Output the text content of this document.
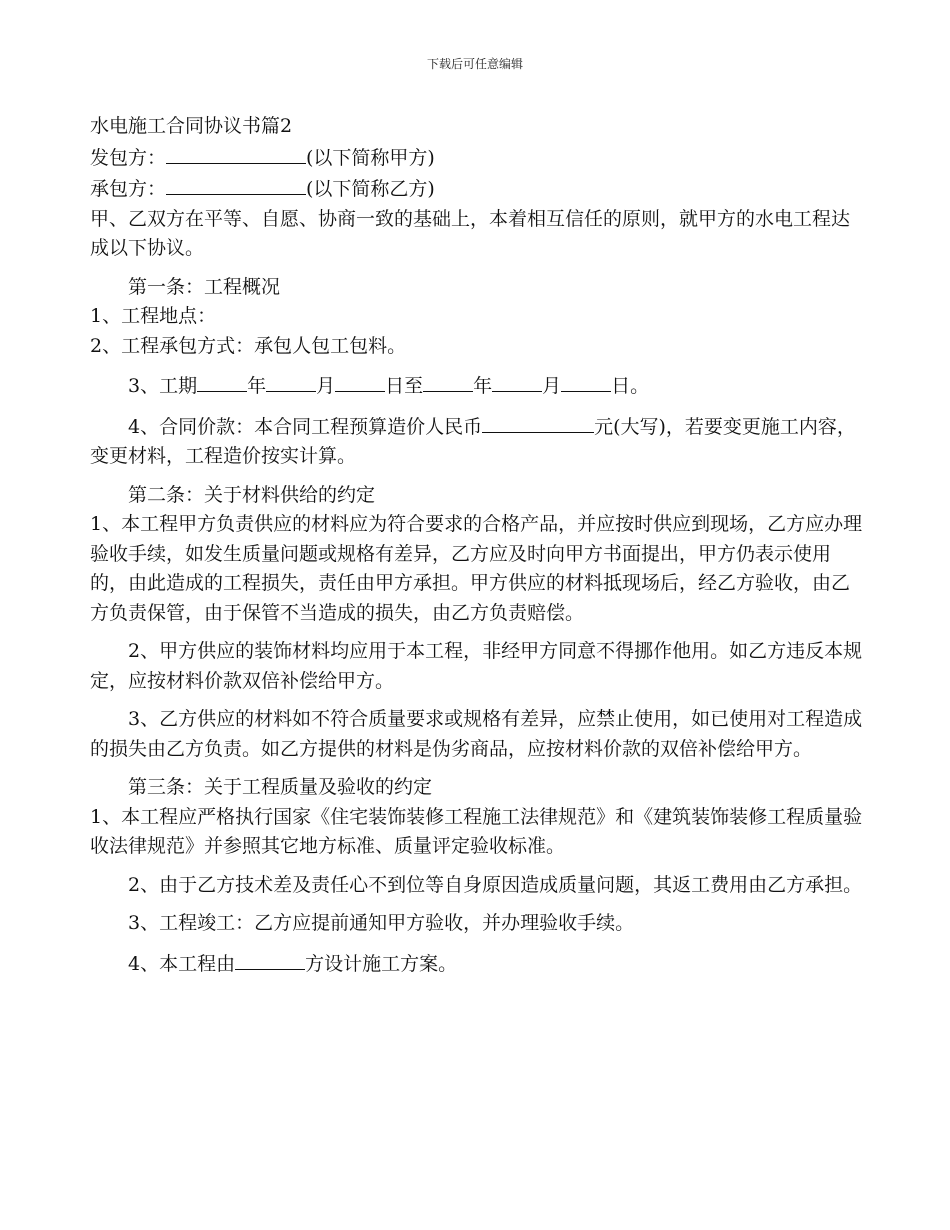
下载后可任意编辑

水电施工合同协议书篇2

发包方：	(以下简称甲方)

承包方：	(以下简称乙方)

甲、乙双方在平等、自愿、协商一致的基础上，本着相互信任的原则，就甲方的水电工程达成以下协议。

第一条：工程概况

1、工程地点：

2、工程承包方式：承包人包工包料。

3、工期	年	月	日至	年	月	日。

4、合同价款：本合同工程预算造价人民币	元(大写)，若要变更施工内容，变更材料，工程造价按实计算。

第二条：关于材料供给的约定

1、本工程甲方负责供应的材料应为符合要求的合格产品，并应按时供应到现场，乙方应办理验收手续，如发生质量问题或规格有差异，乙方应及时向甲方书面提出，甲方仍表示使用的，由此造成的工程损失，责任由甲方承担。甲方供应的材料抵现场后，经乙方验收，由乙方负责保管，由于保管不当造成的损失，由乙方负责赔偿。

2、甲方供应的装饰材料均应用于本工程，非经甲方同意不得挪作他用。如乙方违反本规定，应按材料价款双倍补偿给甲方。

3、乙方供应的材料如不符合质量要求或规格有差异，应禁止使用，如已使用对工程造成的损失由乙方负责。如乙方提供的材料是伪劣商品，应按材料价款的双倍补偿给甲方。

第三条：关于工程质量及验收的约定

1、本工程应严格执行国家《住宅装饰装修工程施工法律规范》和《建筑装饰装修工程质量验收法律规范》并参照其它地方标准、质量评定验收标准。

2、由于乙方技术差及责任心不到位等自身原因造成质量问题，其返工费用由乙方承担。

3、工程竣工：乙方应提前通知甲方验收，并办理验收手续。

4、本工程由	方设计施工方案。
